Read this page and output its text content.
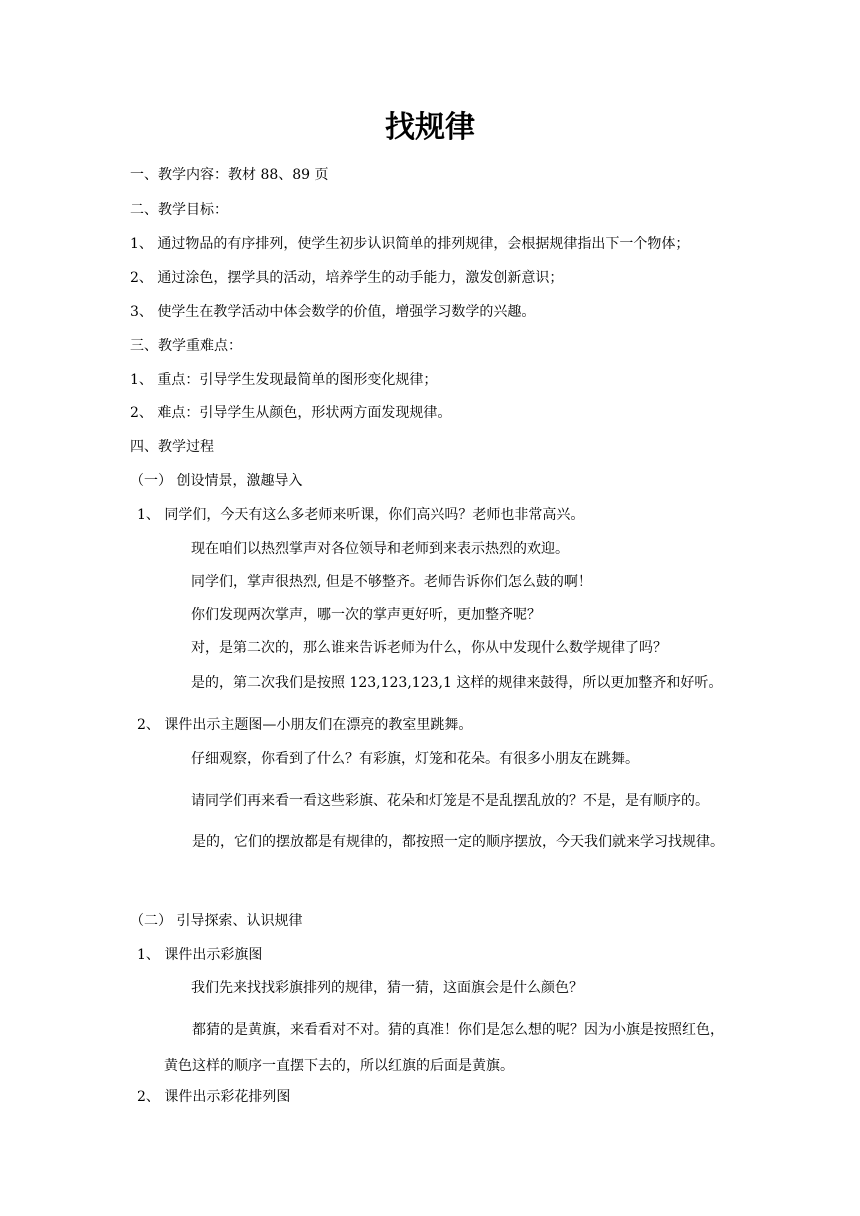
找规律
一、教学内容：教材 88、89 页
二、教学目标：
1、 通过物品的有序排列，使学生初步认识简单的排列规律，会根据规律指出下一个物体；
2、 通过涂色，摆学具的活动，培养学生的动手能力，激发创新意识；
3、 使学生在教学活动中体会数学的价值，增强学习数学的兴趣。
三、教学重难点：
1、 重点：引导学生发现最简单的图形变化规律；
2、 难点：引导学生从颜色，形状两方面发现规律。
四、教学过程
（一） 创设情景，激趣导入
1、 同学们，今天有这么多老师来听课，你们高兴吗？老师也非常高兴。
现在咱们以热烈掌声对各位领导和老师到来表示热烈的欢迎。
同学们，掌声很热烈, 但是不够整齐。老师告诉你们怎么鼓的啊！
你们发现两次掌声，哪一次的掌声更好听，更加整齐呢？
对，是第二次的，那么谁来告诉老师为什么，你从中发现什么数学规律了吗？
是的，第二次我们是按照 123,123,123,1 这样的规律来鼓得，所以更加整齐和好听。
2、 课件出示主题图—小朋友们在漂亮的教室里跳舞。
仔细观察，你看到了什么？有彩旗，灯笼和花朵。有很多小朋友在跳舞。
请同学们再来看一看这些彩旗、花朵和灯笼是不是乱摆乱放的？不是，是有顺序的。
是的，它们的摆放都是有规律的，都按照一定的顺序摆放，今天我们就来学习找规律。
（二） 引导探索、认识规律
1、 课件出示彩旗图
我们先来找找彩旗排列的规律，猜一猜，这面旗会是什么颜色？
都猜的是黄旗，来看看对不对。猜的真准！你们是怎么想的呢？因为小旗是按照红色，黄色这样的顺序一直摆下去的，所以红旗的后面是黄旗。
2、 课件出示彩花排列图
